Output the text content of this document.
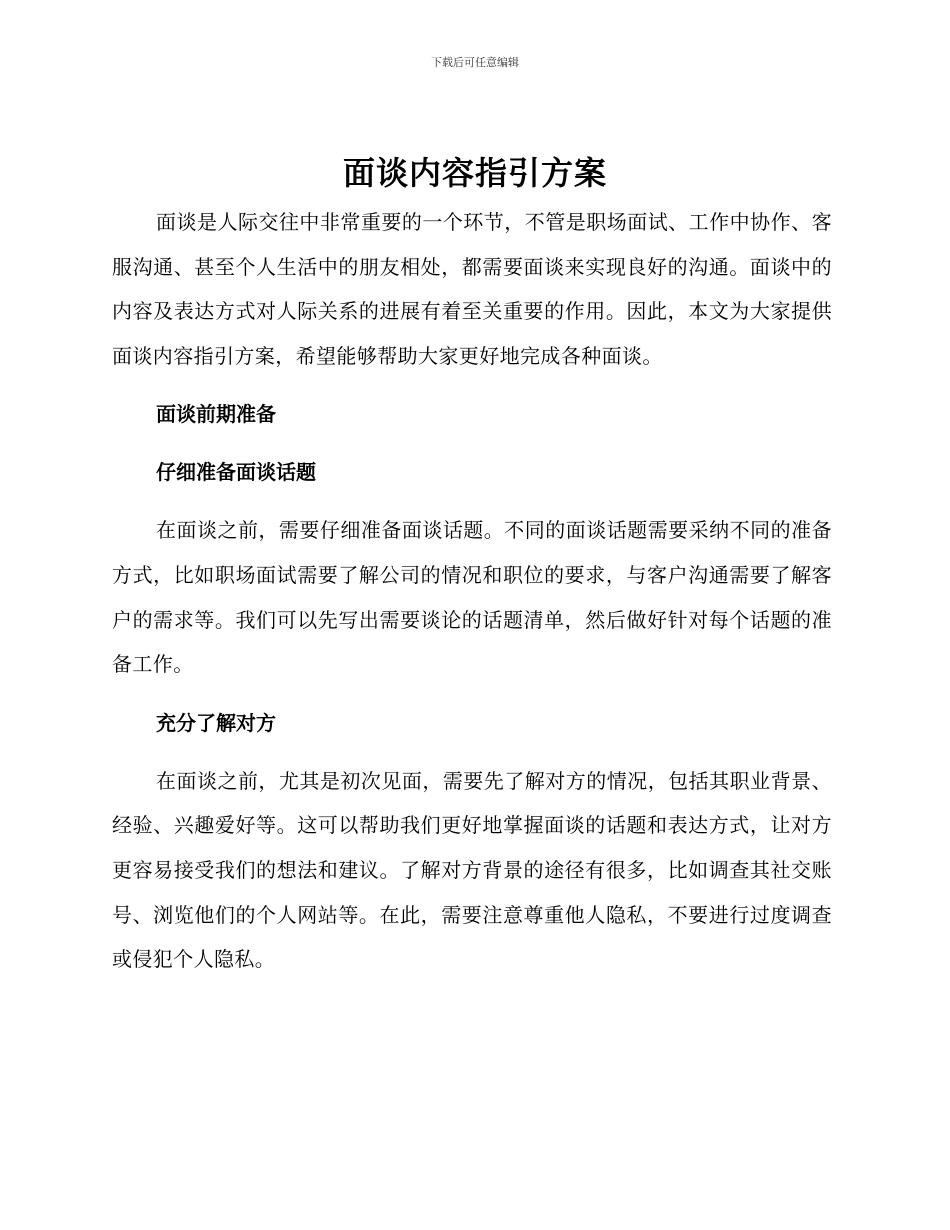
下载后可任意编辑
面谈内容指引方案

面谈是人际交往中非常重要的一个环节，不管是职场面试、工作中协作、客服沟通、甚至个人生活中的朋友相处，都需要面谈来实现良好的沟通。面谈中的内容及表达方式对人际关系的进展有着至关重要的作用。因此，本文为大家提供面谈内容指引方案，希望能够帮助大家更好地完成各种面谈。

面谈前期准备

仔细准备面谈话题

在面谈之前，需要仔细准备面谈话题。不同的面谈话题需要采纳不同的准备方式，比如职场面试需要了解公司的情况和职位的要求，与客户沟通需要了解客户的需求等。我们可以先写出需要谈论的话题清单，然后做好针对每个话题的准备工作。

充分了解对方

在面谈之前，尤其是初次见面，需要先了解对方的情况，包括其职业背景、经验、兴趣爱好等。这可以帮助我们更好地掌握面谈的话题和表达方式，让对方更容易接受我们的想法和建议。了解对方背景的途径有很多，比如调查其社交账号、浏览他们的个人网站等。在此，需要注意尊重他人隐私，不要进行过度调查或侵犯个人隐私。
